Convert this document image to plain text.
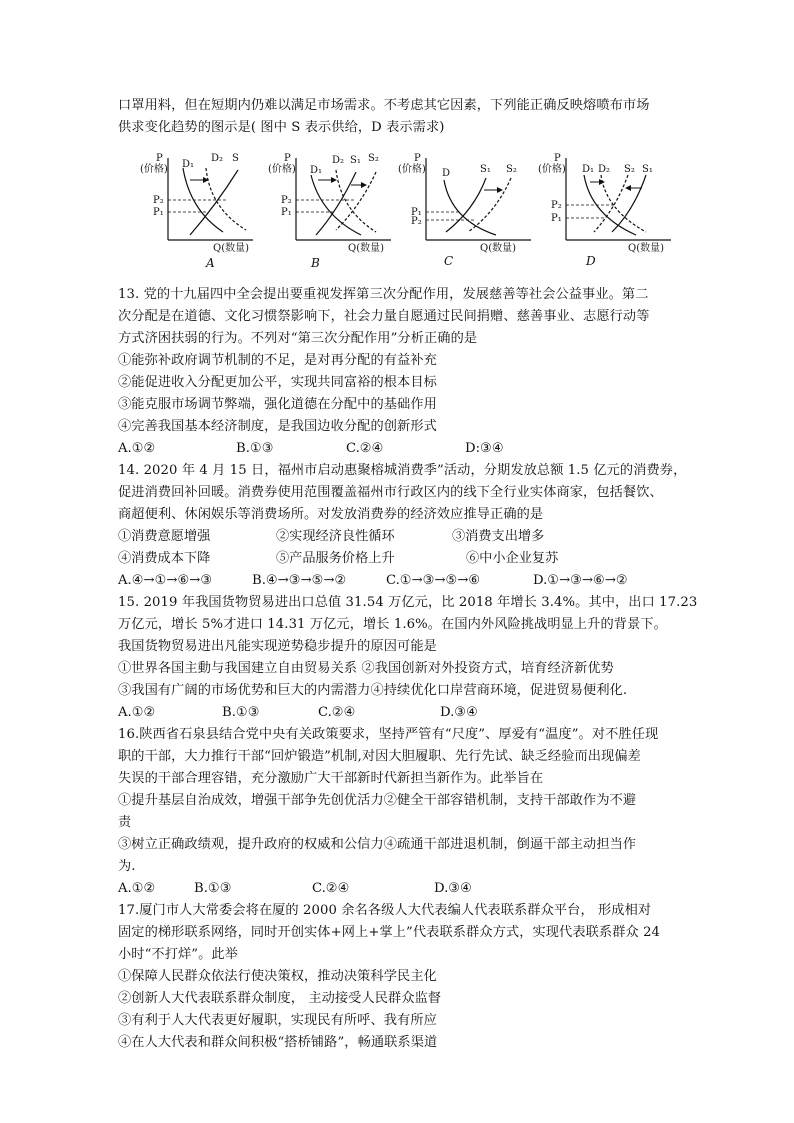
口罩用料，但在短期内仍难以满足市场需求。不考虑其它因素，下列能正确反映熔喷布市场
供求变化趋势的图示是( 图中 S 表示供给，D 表示需求)
P
(价格) D₁
D₂ S
P₂
P₁
Q(数量)
A
P
(价格) D₁
D₂ S₁ S₂
P₂
P₁
Q(数量)
B
P
(价格) D	S₁ S₂
P₁
P₂
Q(数量)
C
P
(价格) D₁ D₂ S₂ S₁
P₂
P₁
Q(数量)
D
13. 党的十九届四中全会提出要重视发挥第三次分配作用，发展慈善等社会公益事业。第二
次分配是在道德、文化习惯祭影响下，社会力量自愿通过民间捐赠、慈善事业、志愿行动等
方式济困扶弱的行为。不列对“第三次分配作用”分析正确的是
①能弥补政府调节机制的不足，是对再分配的有益补充
②能促进收入分配更加公平，实现共同富裕的根本目标
③能克服市场调节弊端，强化道德在分配中的基础作用
④完善我国基本经济制度，是我国边收分配的创新形式
A.①②	B.①③	C.②④	D:③④
14. 2020 年 4 月 15 日，福州市启动惠聚榕城消费季”活动，分期发放总额 1.5 亿元的消费券，
促进消费回补回暖。消费券使用范围覆盖福州市行政区内的线下全行业实体商家，包括餐饮、
商超便利、休闲娱乐等消费场所。对发放消费券的经济效应推导正确的是
①消费意愿增强	②实现经济良性循环	③消费支出增多
④消费成本下降	⑤产品服务价格上升	⑥中小企业复苏
A.④→①→⑥→③	B.④→③→⑤→②	C.①→③→⑤→⑥	D.①→③→⑥→②
15. 2019 年我国货物贸易进出口总值 31.54 万亿元，比 2018 年增长 3.4%。其中，出口 17.23
万亿元，增长 5%才进口 14.31 万亿元，增长 1.6%。在国内外风险挑战明显上升的背景下。
我国货物贸易进出凡能实现逆势稳步提升的原因可能是
①世界各国主動与我国建立自由贸易关系 ②我国创新对外投资方式，培育经济新优势
③我国有广阔的市场优势和巨大的内需潜力④持续优化口岸营商环境，促进贸易便利化.
A.①②	B.①③	C.②④	D.③④
16.陕西省石泉县结合党中央有关政策要求，坚持严管有“尺度”、厚爱有“温度”。对不胜任现
职的干部，大力推行干部“回炉锻造”机制,对因大胆履职、先行先试、缺乏经验而出现偏差
失误的干部合理容错，充分激励广大干部新时代新担当新作为。此举旨在
①提升基层自治成效，增强干部争先创优活力②健全干部容错机制，支持干部敢作为不避
责
③树立正确政绩观，提升政府的权威和公信力④疏通干部进退机制，倒逼干部主动担当作
为.
A.①②	B.①③	C.②④	D.③④
17.厦门市人大常委会将在厦的 2000 余名各级人大代表编人代表联系群众平台， 形成相对
固定的梯形联系网络，同时开创实体+网上+掌上”代表联系群众方式，实现代表联系群众 24
小时“不打烊”。此举
①保障人民群众依法行使决策权，推动决策科学民主化
②创新人大代表联系群众制度， 主动接受人民群众监督
③有利于人大代表更好履职，实现民有所呼、我有所应
④在人大代表和群众间积极“搭桥铺路”，畅通联系渠道
